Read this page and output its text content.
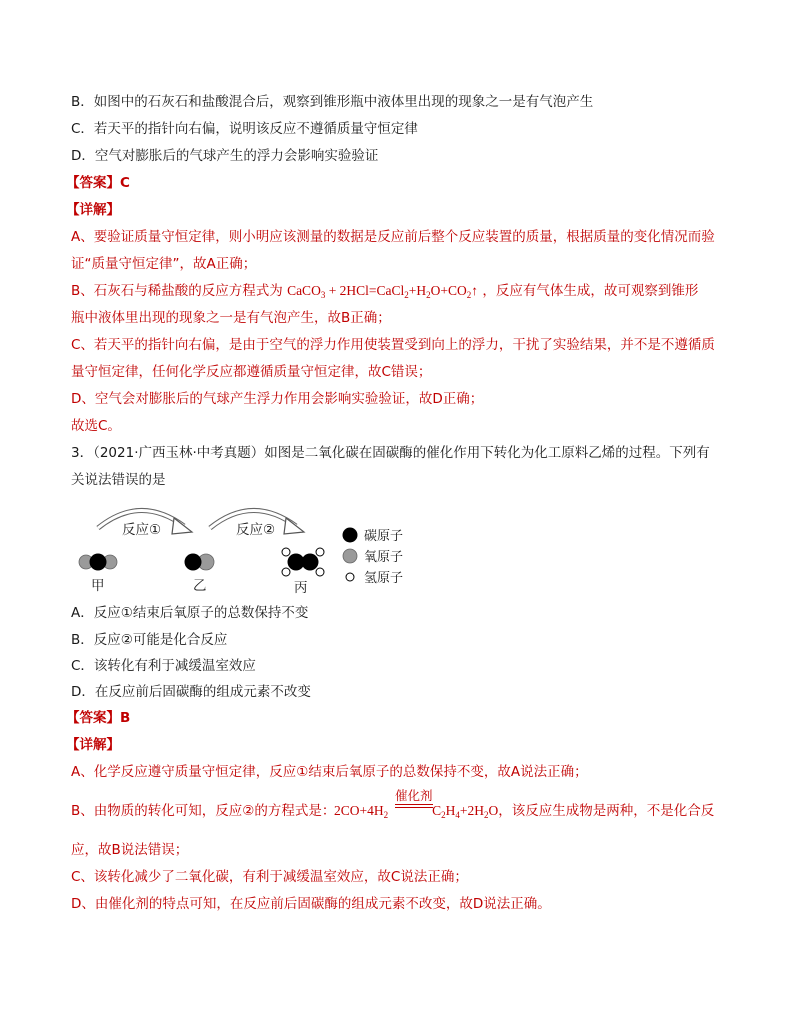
B．如图中的石灰石和盐酸混合后，观察到锥形瓶中液体里出现的现象之一是有气泡产生
C．若天平的指针向右偏，说明该反应不遵循质量守恒定律
D．空气对膨胀后的气球产生的浮力会影响实验验证
【答案】C
【详解】
A、要验证质量守恒定律，则小明应该测量的数据是反应前后整个反应装置的质量，根据质量的变化情况而验
证“质量守恒定律”，故A正确；
B、石灰石与稀盐酸的反应方程式为 CaCO$_3$ + $2HCl=CaCl_2+H_2O+CO_2↑$ ，反应有气体生成，故可观察到锥形
瓶中液体里出现的现象之一是有气泡产生，故B正确；
C、若天平的指针向右偏，是由于空气的浮力作用使装置受到向上的浮力，干扰了实验结果，并不是不遵循质
量守恒定律，任何化学反应都遵循质量守恒定律，故C错误；
D、空气会对膨胀后的气球产生浮力作用会影响实验验证，故D正确；
故选C。
3．（2021·广西玉林·中考真题）如图是二氧化碳在固碳酶的催化作用下转化为化工原料乙烯的过程。下列有
关说法错误的是
反应①	反应②
甲	乙	丙
碳原子
氧原子
氢原子
A．反应①结束后氧原子的总数保持不变
B．反应②可能是化合反应
C．该转化有利于减缓温室效应
D．在反应前后固碳酶的组成元素不改变
【答案】B
【详解】
A、化学反应遵守质量守恒定律，反应①结束后氧原子的总数保持不变，故A说法正确；
B、由物质的转化可知，反应②的方程式是：
催化剂
$2CO+4H_2$	$C_2H_4+2H_2O$，该反应生成物是两种，不是化合反
应，故B说法错误；
C、该转化减少了二氧化碳，有利于减缓温室效应，故C说法正确；
D、由催化剂的特点可知，在反应前后固碳酶的组成元素不改变，故D说法正确。
